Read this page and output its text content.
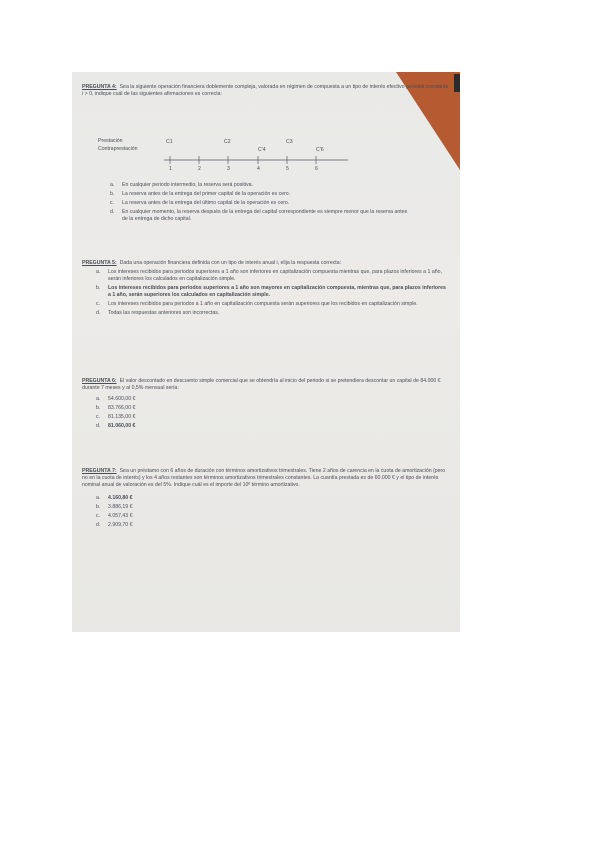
PREGUNTA 4: Sea la siguiente operación financiera doblemente compleja, valorada en régimen de compuesta a un tipo de interés efectivo periodal constante i > 0, indique cuál de las siguientes afirmaciones es correcta:
Prestación
Contraprestación
C1	C2	C3
C'4	C'6
1	2	3	4	5	6
a.	En cualquier periodo intermedio, la reserva será positiva.
b.	La reserva antes de la entrega del primer capital de la operación es cero.
c.	La reserva antes de la entrega del último capital de la operación es cero.
d.	En cualquier momento, la reserva después de la entrega del capital correspondiente es siempre menor que la reserva antes de la entrega de dicho capital.
PREGUNTA 5: Dada una operación financiera definida con un tipo de interés anual i, elija la respuesta correcta:
a.	Los intereses recibidos para periodos superiores a 1 año son inferiores en capitalización compuesta mientras que, para plazos inferiores a 1 año, serán inferiores los calculados en capitalización simple.
b.	Los intereses recibidos para periodos superiores a 1 año son mayores en capitalización compuesta, mientras que, para plazos inferiores a 1 año, serán superiores los calculados en capitalización simple.
c.	Los intereses recibidos para periodos a 1 año en capitalización compuesta serán superiores que los recibidos en capitalización simple.
d.	Todas las respuestas anteriores son incorrectas.
PREGUNTA 6: El valor descontado en descuento simple comercial que se obtendría al inicio del periodo si se pretendiera descontar un capital de 84.000 € durante 7 meses y al 0,5% mensual sería:
a.	54.600,00 €
b.	83.766,00 €
c.	81.135,00 €
d.	81.060,00 €
PREGUNTA 7: Sea un préstamo con 6 años de duración con términos amortizativos trimestrales. Tiene 2 años de carencia en la cuota de amortización (pero no en la cuota de interés) y los 4 años restantes son términos amortizativos trimestrales constantes. La cuantía prestada es de 60.000 € y el tipo de interés nominal anual de valoración es del 5%. Indique cuál es el importe del 10º término amortizativo.
a.	4.160,80 €
b.	3.886,19 €
c.	4.057,43 €
d.	2.909,70 €
